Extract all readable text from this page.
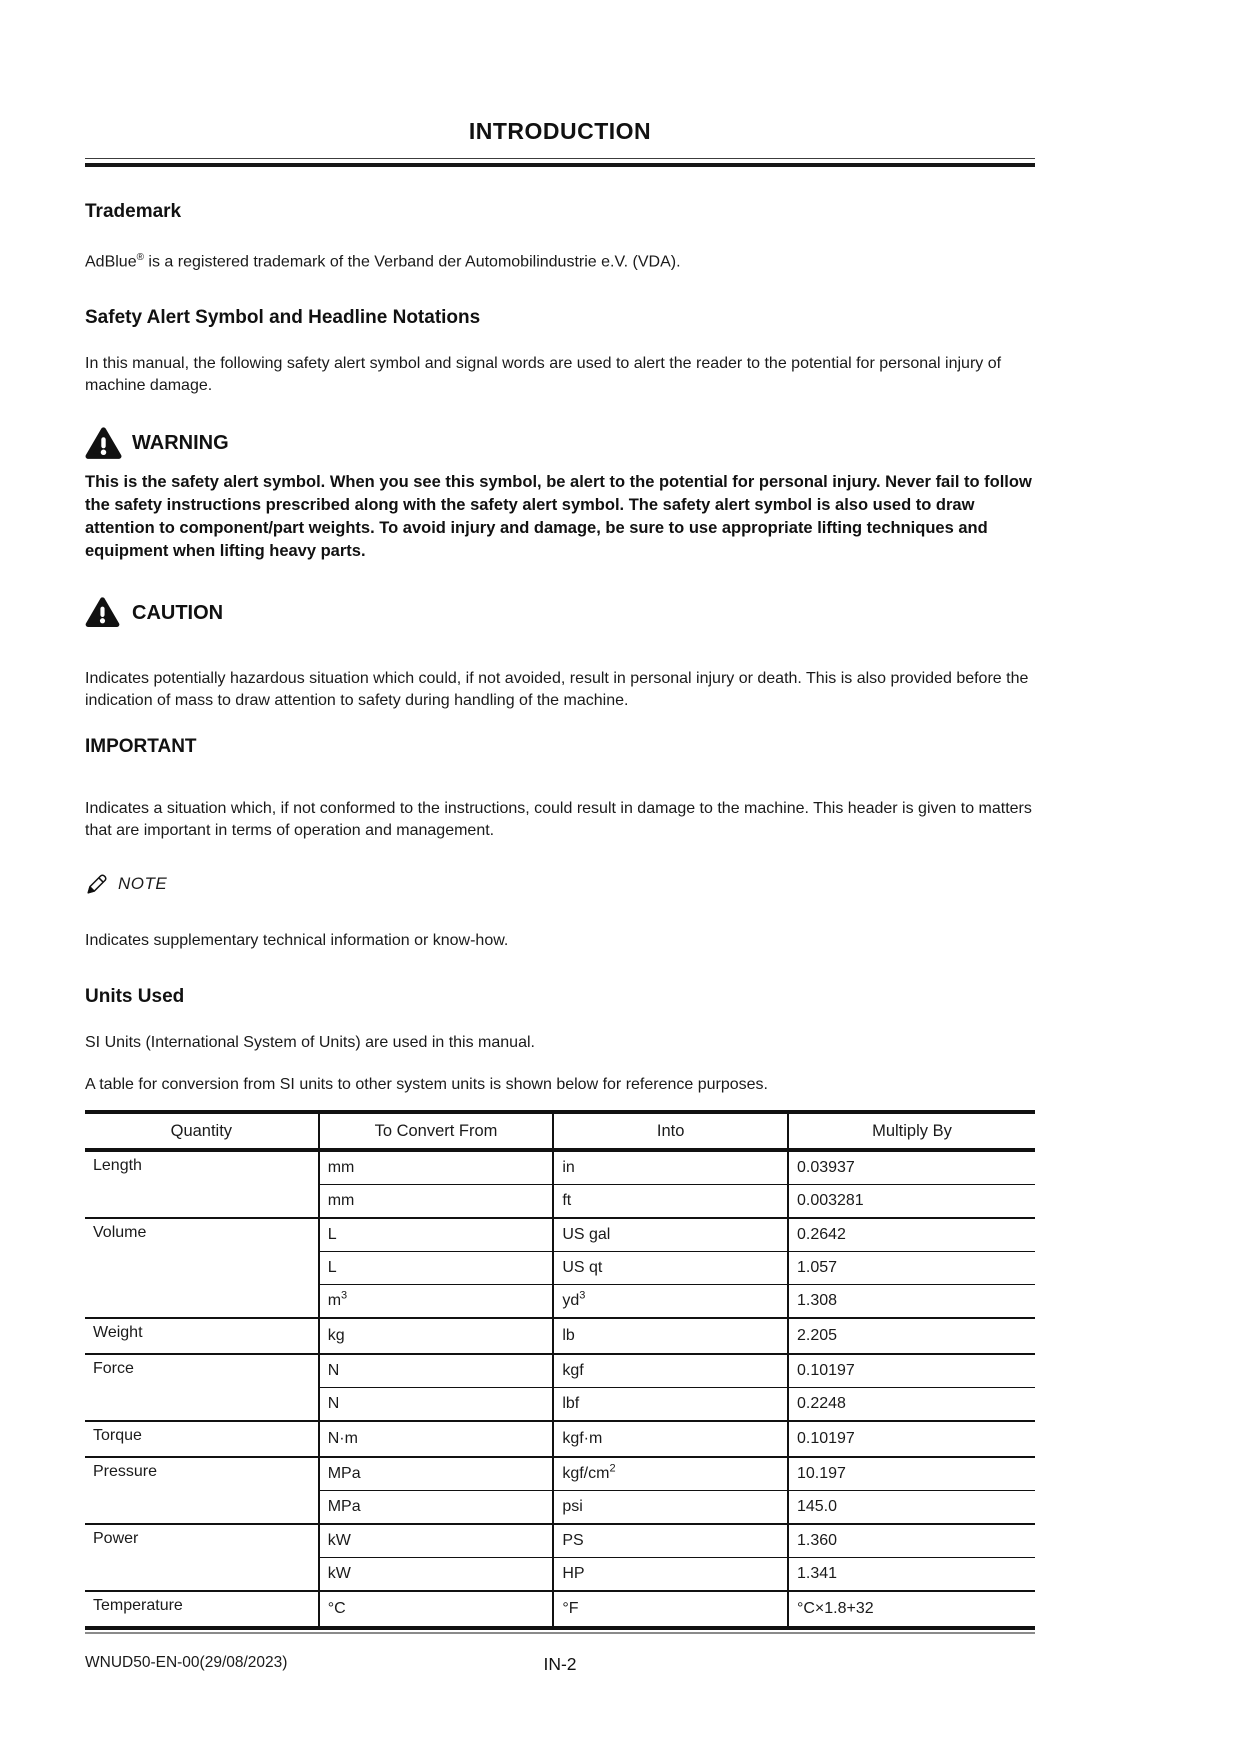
INTRODUCTION
Trademark

AdBlue® is a registered trademark of the Verband der Automobilindustrie e.V. (VDA).

Safety Alert Symbol and Headline Notations

In this manual, the following safety alert symbol and signal words are used to alert the reader to the potential for personal injury of machine damage.

WARNING

This is the safety alert symbol. When you see this symbol, be alert to the potential for personal injury. Never fail to follow the safety instructions prescribed along with the safety alert symbol. The safety alert symbol is also used to draw attention to component/part weights. To avoid injury and damage, be sure to use appropriate lifting techniques and equipment when lifting heavy parts.

CAUTION

Indicates potentially hazardous situation which could, if not avoided, result in personal injury or death. This is also provided before the indication of mass to draw attention to safety during handling of the machine.

IMPORTANT

Indicates a situation which, if not conformed to the instructions, could result in damage to the machine. This header is given to matters that are important in terms of operation and management.

NOTE

Indicates supplementary technical information or know-how.

Units Used

SI Units (International System of Units) are used in this manual.

A table for conversion from SI units to other system units is shown below for reference purposes.

Quantity	To Convert From	Into	Multiply By
Length	mm	in	0.03937
	mm	ft	0.003281
Volume	L	US gal	0.2642
	L	US qt	1.057
	$m^3$	$yd^3$	1.308
Weight	kg	lb	2.205
Force	N	kgf	0.10197
	N	lbf	0.2248
Torque	N·m	kgf·m	0.10197
Pressure	MPa	kgf/$cm^2$	10.197
	MPa	psi	145.0
Power	kW	PS	1.360
	kW	HP	1.341
Temperature	°C	°F	°C×1.8+32
WNUD50-EN-00(29/08/2023)	IN-2
